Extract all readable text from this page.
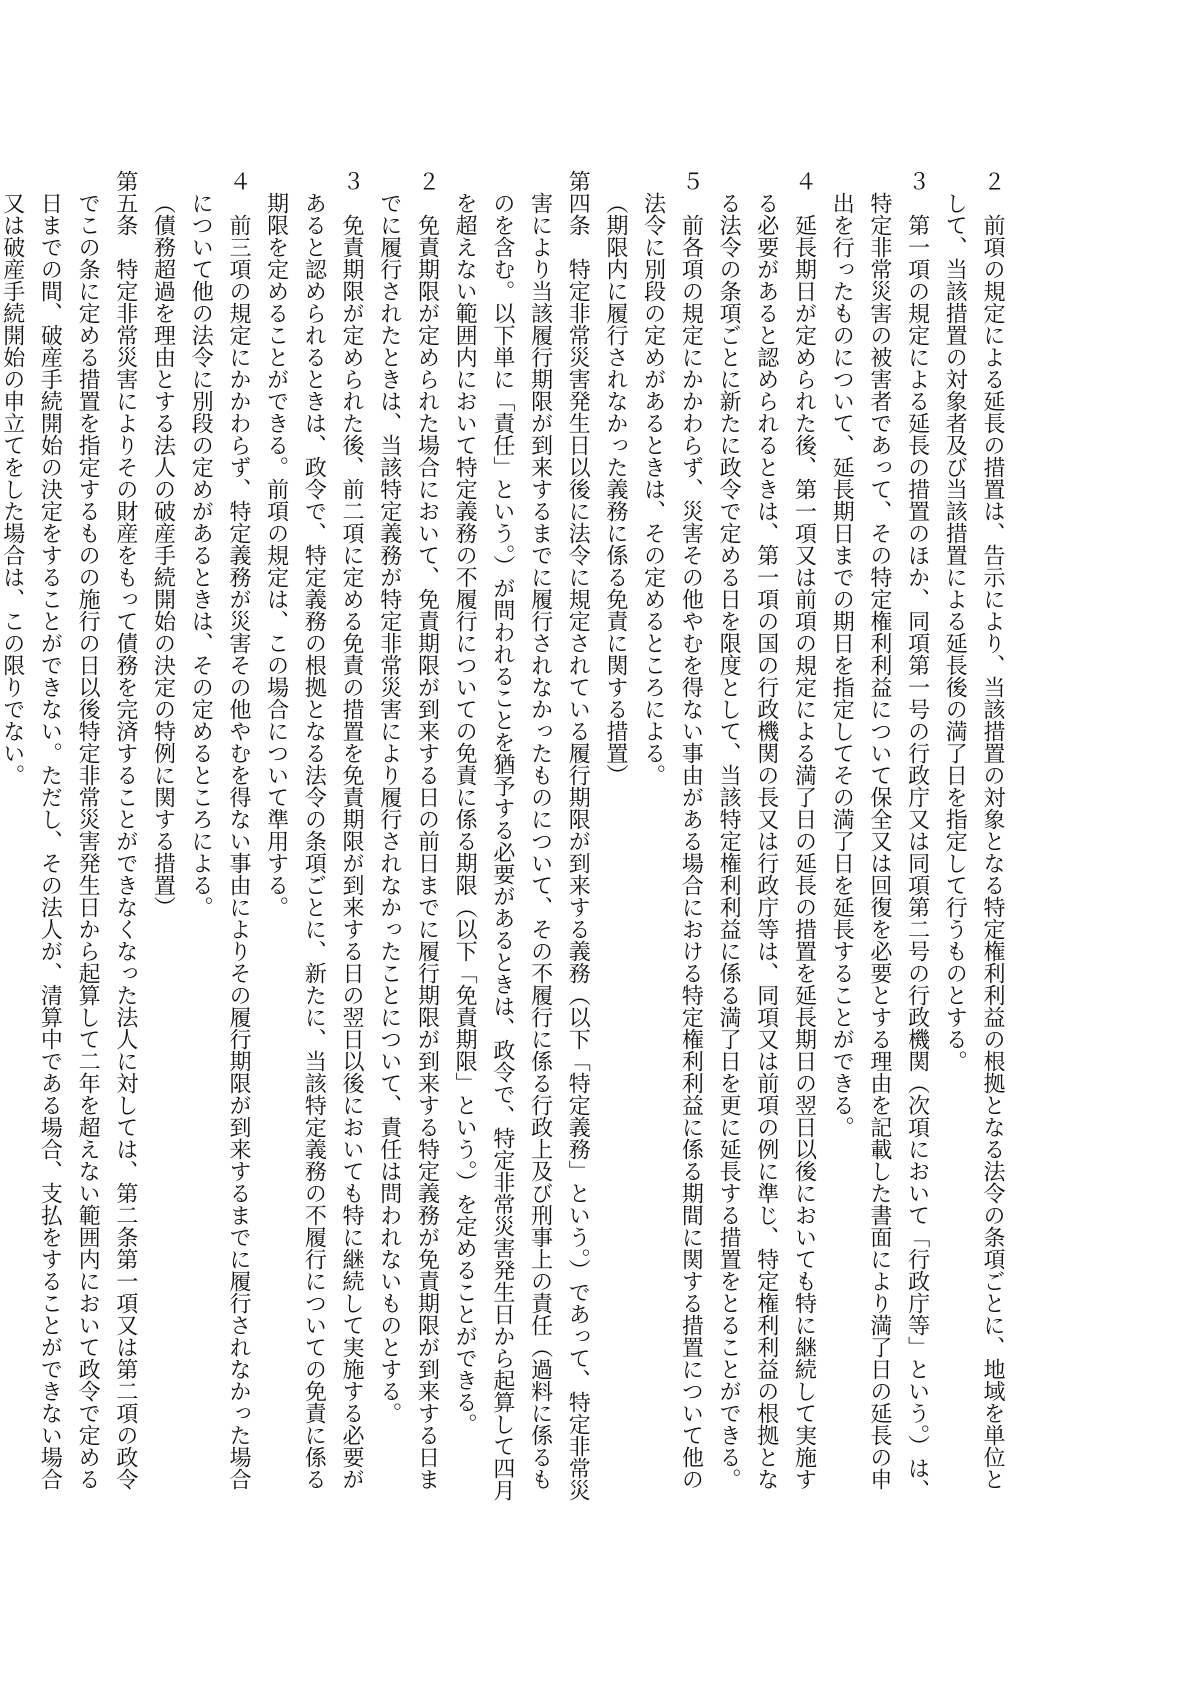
２　前項の規定による延長の措置は、告示により、当該措置の対象となる特定権利利益の根拠となる法令の条項ごとに、地域を単位として、当該措置の対象者及び当該措置による延長後の満了日を指定して行うものとする。

３　第一項の規定による延長の措置のほか、同項第一号の行政庁又は同項第二号の行政機関（次項において「行政庁等」という。）は、特定非常災害の被害者であって、その特定権利利益について保全又は回復を必要とする理由を記載した書面により満了日の延長の申出を行ったものについて、延長期日までの期日を指定してその満了日を延長することができる。

４　延長期日が定められた後、第一項又は前項の規定による満了日の延長の措置を延長期日の翌日以後においても特に継続して実施する必要があると認められるときは、第一項の国の行政機関の長又は行政庁等は、同項又は前項の例に準じ、特定権利利益の根拠となる法令の条項ごとに新たに政令で定める日を限度として、当該特定権利利益に係る満了日を更に延長する措置をとることができる。

５　前各項の規定にかかわらず、災害その他やむを得ない事由がある場合における特定権利利益に係る期間に関する措置について他の法令に別段の定めがあるときは、その定めるところによる。

（期限内に履行されなかった義務に係る免責に関する措置）

第四条　特定非常災害発生日以後に法令に規定されている履行期限が到来する義務（以下「特定義務」という。）であって、特定非常災害により当該履行期限が到来するまでに履行されなかったものについて、その不履行に係る行政上及び刑事上の責任（過料に係るものを含む。以下単に「責任」という。）が問われることを猶予する必要があるときは、政令で、特定非常災害発生日から起算して四月を超えない範囲内において特定義務の不履行についての免責に係る期限（以下「免責期限」という。）を定めることができる。

２　免責期限が定められた場合において、免責期限が到来する日の前日までに履行期限が到来する特定義務が免責期限が到来する日までに履行されたときは、当該特定義務が特定非常災害により履行されなかったことについて、責任は問われないものとする。

３　免責期限が定められた後、前二項に定める免責の措置を免責期限が到来する日の翌日以後においても特に継続して実施する必要があると認められるときは、政令で、特定義務の根拠となる法令の条項ごとに、新たに、当該特定義務の不履行についての免責に係る期限を定めることができる。前項の規定は、この場合について準用する。

４　前三項の規定にかかわらず、特定義務が災害その他やむを得ない事由によりその履行期限が到来するまでに履行されなかった場合について他の法令に別段の定めがあるときは、その定めるところによる。

（債務超過を理由とする法人の破産手続開始の決定の特例に関する措置）

第五条　特定非常災害によりその財産をもって債務を完済することができなくなった法人に対しては、第二条第一項又は第二項の政令でこの条に定める措置を指定するものの施行の日以後特定非常災害発生日から起算して二年を超えない範囲内において政令で定める日までの間、破産手続開始の決定をすることができない。ただし、その法人が、清算中である場合、支払をすることができない場合又は破産手続開始の申立てをした場合は、この限りでない。
